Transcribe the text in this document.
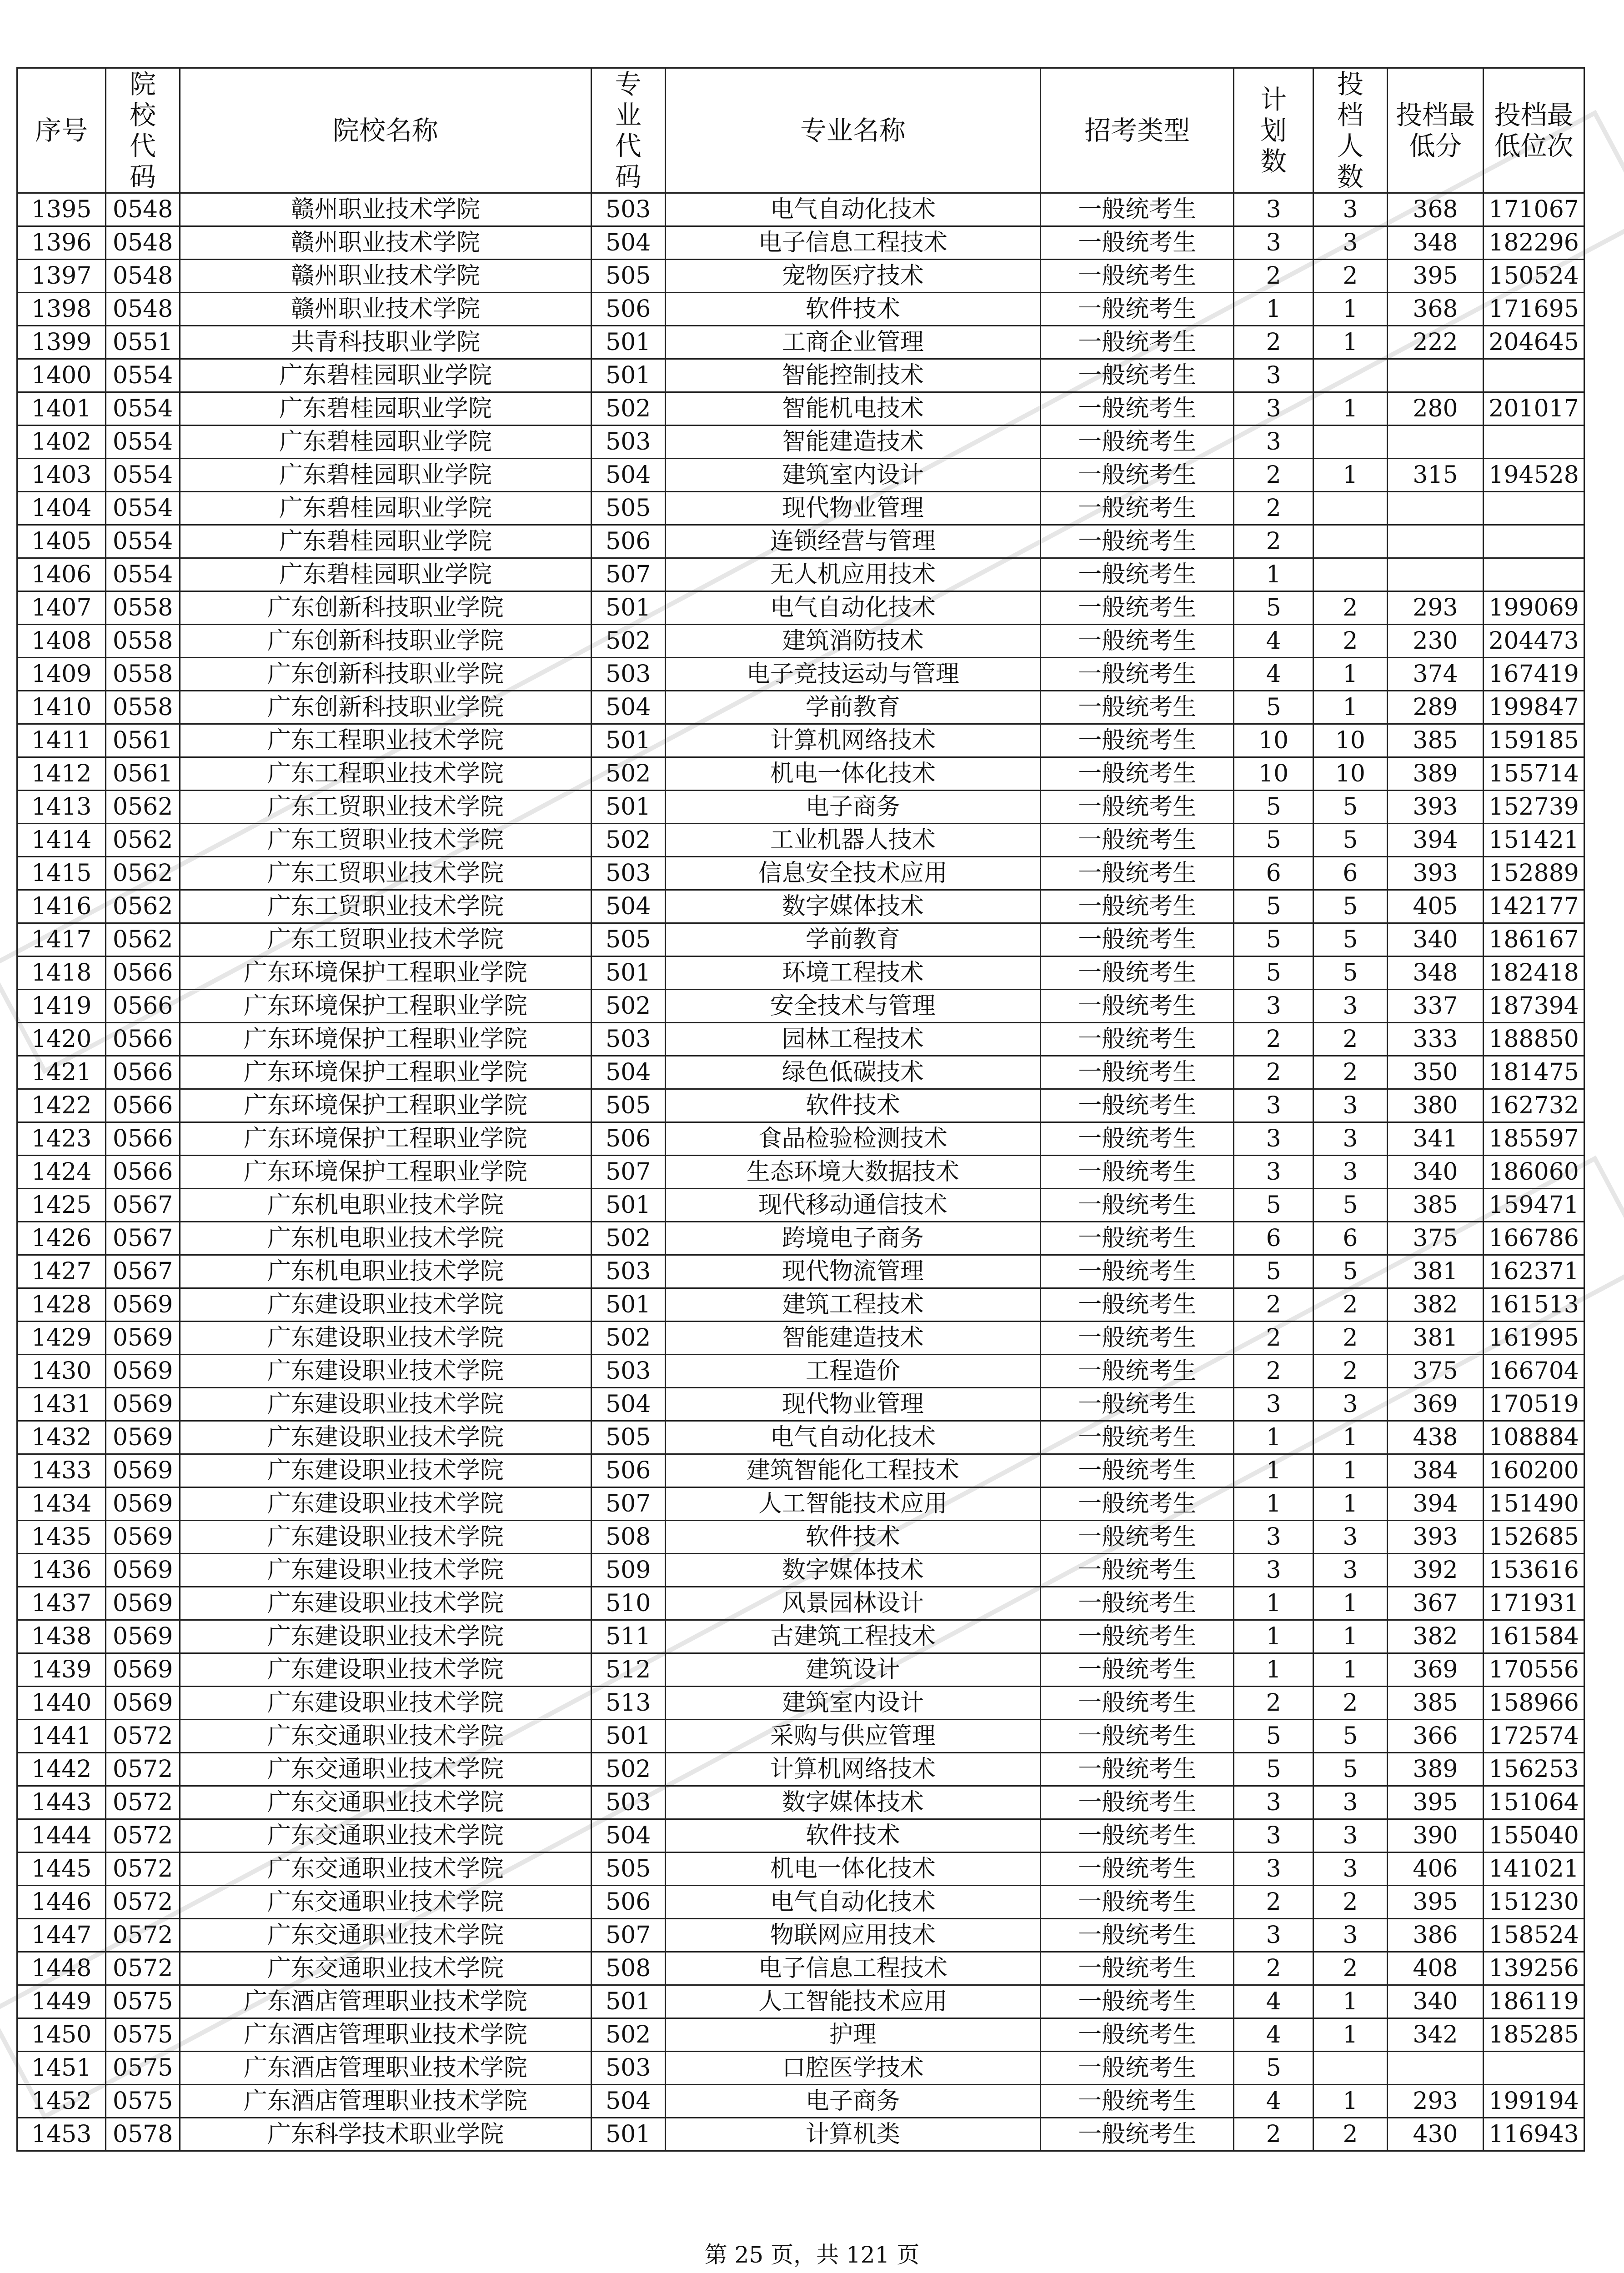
序号	院校代码	院校名称	专业代码	专业名称	招考类型	计划数	投档人数	投档最低分	投档最低位次
1395	0548	赣州职业技术学院	503	电气自动化技术	一般统考生	3	3	368	171067
1396	0548	赣州职业技术学院	504	电子信息工程技术	一般统考生	3	3	348	182296
1397	0548	赣州职业技术学院	505	宠物医疗技术	一般统考生	2	2	395	150524
1398	0548	赣州职业技术学院	506	软件技术	一般统考生	1	1	368	171695
1399	0551	共青科技职业学院	501	工商企业管理	一般统考生	2	1	222	204645
1400	0554	广东碧桂园职业学院	501	智能控制技术	一般统考生	3			
1401	0554	广东碧桂园职业学院	502	智能机电技术	一般统考生	3	1	280	201017
1402	0554	广东碧桂园职业学院	503	智能建造技术	一般统考生	3			
1403	0554	广东碧桂园职业学院	504	建筑室内设计	一般统考生	2	1	315	194528
1404	0554	广东碧桂园职业学院	505	现代物业管理	一般统考生	2			
1405	0554	广东碧桂园职业学院	506	连锁经营与管理	一般统考生	2			
1406	0554	广东碧桂园职业学院	507	无人机应用技术	一般统考生	1			
1407	0558	广东创新科技职业学院	501	电气自动化技术	一般统考生	5	2	293	199069
1408	0558	广东创新科技职业学院	502	建筑消防技术	一般统考生	4	2	230	204473
1409	0558	广东创新科技职业学院	503	电子竞技运动与管理	一般统考生	4	1	374	167419
1410	0558	广东创新科技职业学院	504	学前教育	一般统考生	5	1	289	199847
1411	0561	广东工程职业技术学院	501	计算机网络技术	一般统考生	10	10	385	159185
1412	0561	广东工程职业技术学院	502	机电一体化技术	一般统考生	10	10	389	155714
1413	0562	广东工贸职业技术学院	501	电子商务	一般统考生	5	5	393	152739
1414	0562	广东工贸职业技术学院	502	工业机器人技术	一般统考生	5	5	394	151421
1415	0562	广东工贸职业技术学院	503	信息安全技术应用	一般统考生	6	6	393	152889
1416	0562	广东工贸职业技术学院	504	数字媒体技术	一般统考生	5	5	405	142177
1417	0562	广东工贸职业技术学院	505	学前教育	一般统考生	5	5	340	186167
1418	0566	广东环境保护工程职业学院	501	环境工程技术	一般统考生	5	5	348	182418
1419	0566	广东环境保护工程职业学院	502	安全技术与管理	一般统考生	3	3	337	187394
1420	0566	广东环境保护工程职业学院	503	园林工程技术	一般统考生	2	2	333	188850
1421	0566	广东环境保护工程职业学院	504	绿色低碳技术	一般统考生	2	2	350	181475
1422	0566	广东环境保护工程职业学院	505	软件技术	一般统考生	3	3	380	162732
1423	0566	广东环境保护工程职业学院	506	食品检验检测技术	一般统考生	3	3	341	185597
1424	0566	广东环境保护工程职业学院	507	生态环境大数据技术	一般统考生	3	3	340	186060
1425	0567	广东机电职业技术学院	501	现代移动通信技术	一般统考生	5	5	385	159471
1426	0567	广东机电职业技术学院	502	跨境电子商务	一般统考生	6	6	375	166786
1427	0567	广东机电职业技术学院	503	现代物流管理	一般统考生	5	5	381	162371
1428	0569	广东建设职业技术学院	501	建筑工程技术	一般统考生	2	2	382	161513
1429	0569	广东建设职业技术学院	502	智能建造技术	一般统考生	2	2	381	161995
1430	0569	广东建设职业技术学院	503	工程造价	一般统考生	2	2	375	166704
1431	0569	广东建设职业技术学院	504	现代物业管理	一般统考生	3	3	369	170519
1432	0569	广东建设职业技术学院	505	电气自动化技术	一般统考生	1	1	438	108884
1433	0569	广东建设职业技术学院	506	建筑智能化工程技术	一般统考生	1	1	384	160200
1434	0569	广东建设职业技术学院	507	人工智能技术应用	一般统考生	1	1	394	151490
1435	0569	广东建设职业技术学院	508	软件技术	一般统考生	3	3	393	152685
1436	0569	广东建设职业技术学院	509	数字媒体技术	一般统考生	3	3	392	153616
1437	0569	广东建设职业技术学院	510	风景园林设计	一般统考生	1	1	367	171931
1438	0569	广东建设职业技术学院	511	古建筑工程技术	一般统考生	1	1	382	161584
1439	0569	广东建设职业技术学院	512	建筑设计	一般统考生	1	1	369	170556
1440	0569	广东建设职业技术学院	513	建筑室内设计	一般统考生	2	2	385	158966
1441	0572	广东交通职业技术学院	501	采购与供应管理	一般统考生	5	5	366	172574
1442	0572	广东交通职业技术学院	502	计算机网络技术	一般统考生	5	5	389	156253
1443	0572	广东交通职业技术学院	503	数字媒体技术	一般统考生	3	3	395	151064
1444	0572	广东交通职业技术学院	504	软件技术	一般统考生	3	3	390	155040
1445	0572	广东交通职业技术学院	505	机电一体化技术	一般统考生	3	3	406	141021
1446	0572	广东交通职业技术学院	506	电气自动化技术	一般统考生	2	2	395	151230
1447	0572	广东交通职业技术学院	507	物联网应用技术	一般统考生	3	3	386	158524
1448	0572	广东交通职业技术学院	508	电子信息工程技术	一般统考生	2	2	408	139256
1449	0575	广东酒店管理职业技术学院	501	人工智能技术应用	一般统考生	4	1	340	186119
1450	0575	广东酒店管理职业技术学院	502	护理	一般统考生	4	1	342	185285
1451	0575	广东酒店管理职业技术学院	503	口腔医学技术	一般统考生	5			
1452	0575	广东酒店管理职业技术学院	504	电子商务	一般统考生	4	1	293	199194
1453	0578	广东科学技术职业学院	501	计算机类	一般统考生	2	2	430	116943
第 25 页，共 121 页
